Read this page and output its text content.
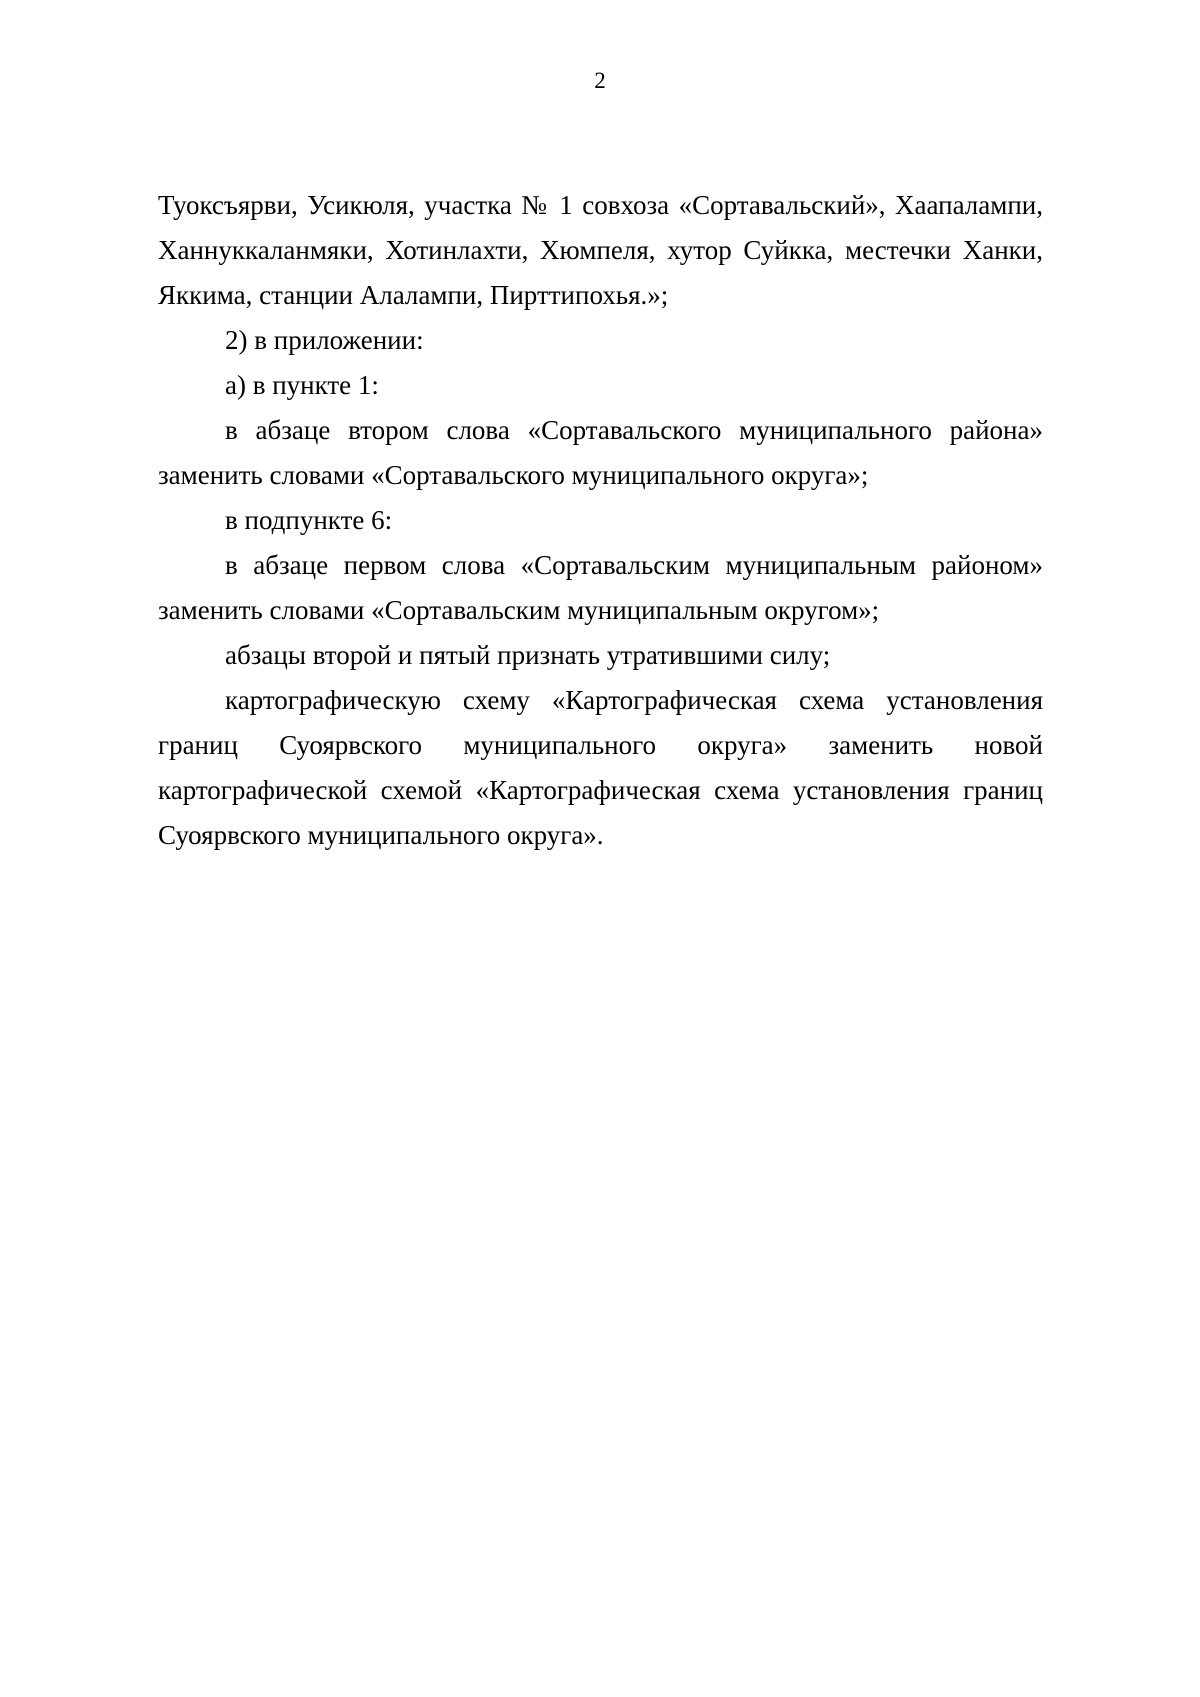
2

Туоксъярви, Усикюля, участка № 1 совхоза «Сортавальский», Хаапалампи, Ханнуккаланмяки, Хотинлахти, Хюмпеля, хутор Суйкка, местечки Ханки, Яккима, станции Алалампи, Пирттипохья.»;

2) в приложении:

а) в пункте 1:

в абзаце втором слова «Сортавальского муниципального района» заменить словами «Сортавальского муниципального округа»;

в подпункте 6:

в абзаце первом слова «Сортавальским муниципальным районом» заменить словами «Сортавальским муниципальным округом»;

абзацы второй и пятый признать утратившими силу;

картографическую схему «Картографическая схема установления границ Суоярвского муниципального округа» заменить новой картографической схемой «Картографическая схема установления границ Суоярвского муниципального округа».
